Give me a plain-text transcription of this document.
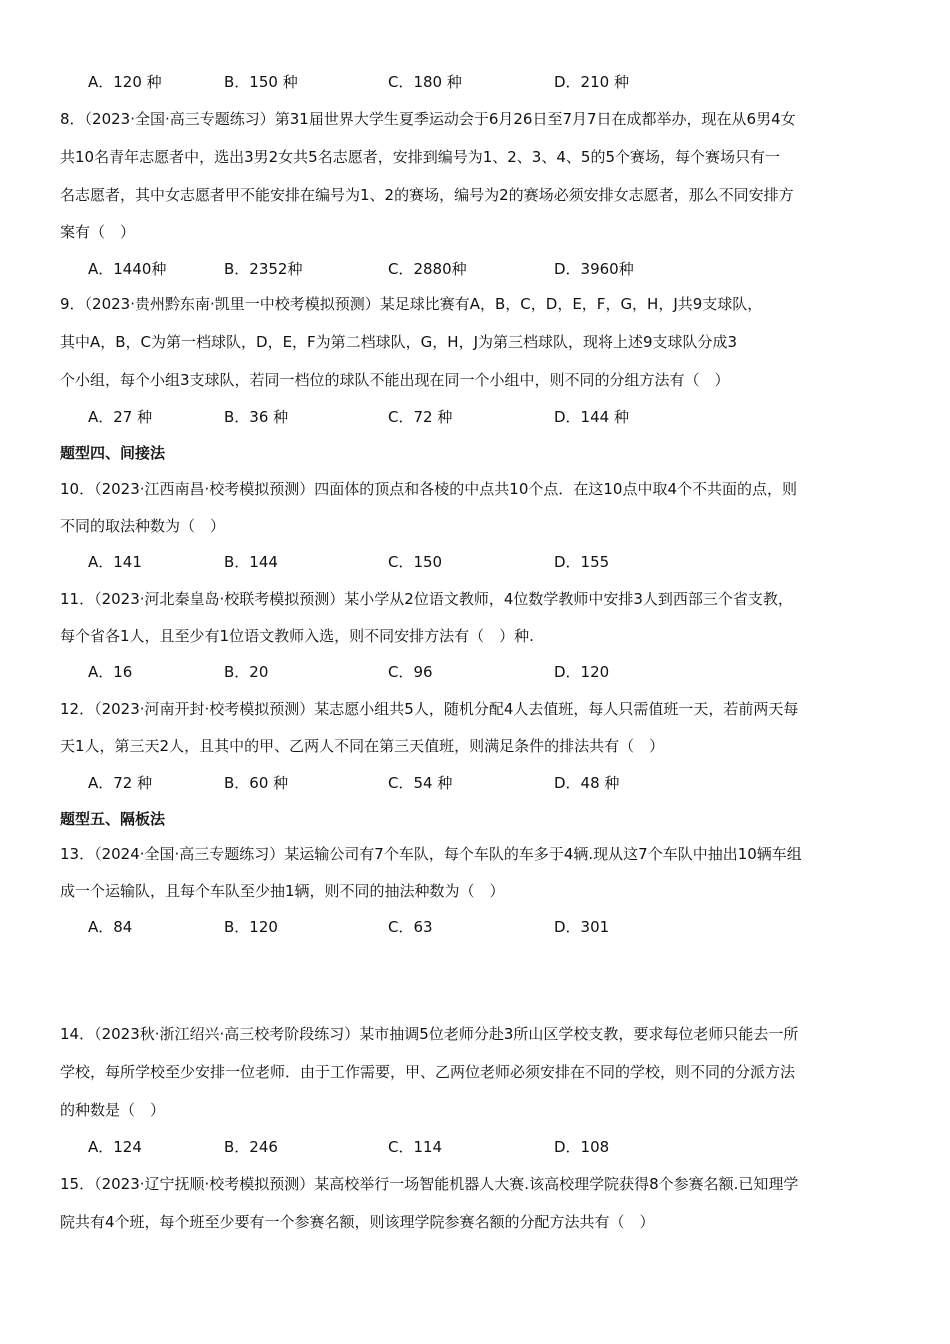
A．120 种	B．150 种	C．180 种	D．210 种
8．（2023·全国·高三专题练习）第31届世界大学生夏季运动会于6月26日至7月7日在成都举办，现在从6男4女
共10名青年志愿者中，选出3男2女共5名志愿者，安排到编号为1、2、3、4、5的5个赛场，每个赛场只有一
名志愿者，其中女志愿者甲不能安排在编号为1、2的赛场，编号为2的赛场必须安排女志愿者，那么不同安排方
案有（　）
A．1440种	B．2352种	C．2880种	D．3960种
9．（2023·贵州黔东南·凯里一中校考模拟预测）某足球比赛有A，B，C，D，E，F，G，H，J共9支球队，
其中A，B，C为第一档球队，D，E，F为第二档球队，G，H，J为第三档球队，现将上述9支球队分成3
个小组，每个小组3支球队，若同一档位的球队不能出现在同一个小组中，则不同的分组方法有（　）
A．27 种	B．36 种	C．72 种	D．144 种
题型四、间接法
10．（2023·江西南昌·校考模拟预测）四面体的顶点和各棱的中点共10个点．在这10点中取4个不共面的点，则
不同的取法种数为（　）
A．141	B．144	C．150	D．155
11．（2023·河北秦皇岛·校联考模拟预测）某小学从2位语文教师，4位数学教师中安排3人到西部三个省支教，
每个省各1人，且至少有1位语文教师入选，则不同安排方法有（　）种.
A．16	B．20	C．96	D．120
12．（2023·河南开封·校考模拟预测）某志愿小组共5人，随机分配4人去值班，每人只需值班一天，若前两天每
天1人，第三天2人，且其中的甲、乙两人不同在第三天值班，则满足条件的排法共有（　）
A．72 种	B．60 种	C．54 种	D．48 种
题型五、隔板法
13．（2024·全国·高三专题练习）某运输公司有7个车队，每个车队的车多于4辆.现从这7个车队中抽出10辆车组
成一个运输队，且每个车队至少抽1辆，则不同的抽法种数为（　）
A．84	B．120	C．63	D．301
14．（2023秋·浙江绍兴·高三校考阶段练习）某市抽调5位老师分赴3所山区学校支教，要求每位老师只能去一所
学校，每所学校至少安排一位老师．由于工作需要，甲、乙两位老师必须安排在不同的学校，则不同的分派方法
的种数是（　）
A．124	B．246	C．114	D．108
15．（2023·辽宁抚顺·校考模拟预测）某高校举行一场智能机器人大赛.该高校理学院获得8个参赛名额.已知理学
院共有4个班，每个班至少要有一个参赛名额，则该理学院参赛名额的分配方法共有（　）
